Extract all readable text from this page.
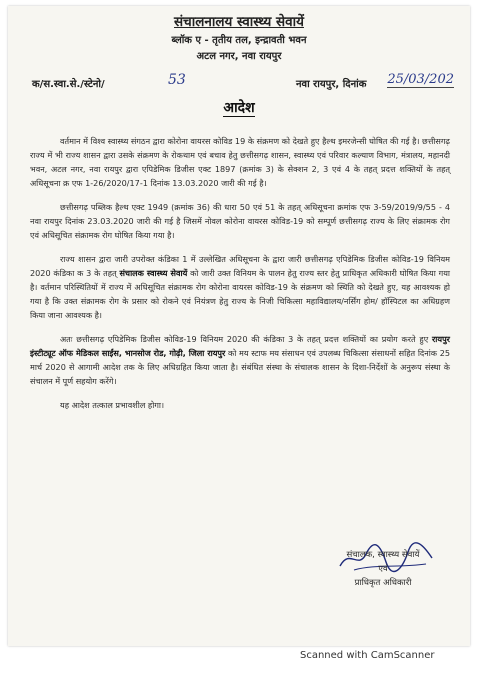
संचालनालय स्वास्थ्य सेवायें
ब्लॉक ए - तृतीय तल, इन्द्रावती भवन
अटल नगर, नवा रायपुर
क/स.स्वा.से./स्टेनो/	53	नवा रायपुर, दिनांक 25/03/202
आदेश

वर्तमान में विश्व स्वास्थ्य संगठन द्वारा कोरोना वायरस कोविड 19 के संक्रमण को देखते हुए हैल्थ इमरजेन्सी घोषित की गई है। छत्तीसगढ़ राज्य में भी राज्य शासन द्वारा उसके संक्रमण के रोकथाम एवं बचाव हेतु छत्तीसगढ़ शासन, स्वास्थ्य एवं परिवार कल्याण विभाग, मंत्रालय, महानदी भवन, अटल नगर, नवा रायपुर द्वारा एपिडेमिक डिजीस एक्ट 1897 (क्रमांक 3) के सेक्शन 2, 3 एवं 4 के तहत् प्रदत्त शक्तियों के तहत् अधिसूचना क्र एफ 1-26/2020/17-1 दिनांक 13.03.2020 जारी की गई है।

छत्तीसगढ़ पब्लिक हैल्थ एक्ट 1949 (क्रमांक 36) की धारा 50 एवं 51 के तहत् अधिसूचना क्रमांक एफ 3-59/2019/9/55 - 4 नवा रायपुर दिनांक 23.03.2020 जारी की गई है जिसमें नोवल कोरोना वायरस कोविड-19 को सम्पूर्ण छत्तीसगढ़ राज्य के लिए संक्रामक रोग एवं अधिसूचित संक्रामक रोग घोषित किया गया है।

राज्य शासन द्वारा जारी उपरोक्त कंडिका 1 में उल्लेखित अधिसूचना के द्वारा जारी छत्तीसगढ़ एपिडेमिक डिजीस कोविड-19 विनियम 2020 कंडिका क 3 के तहत् संचालक स्वास्थ्य सेवायें को जारी उक्त विनियम के पालन हेतु राज्य स्तर हेतु प्राधिकृत अधिकारी घोषित किया गया है। वर्तमान परिस्थितियों में राज्य में अधिसूचित संक्रामक रोग कोरोना वायरस कोविड-19 के संक्रमण को स्थिति को देखते हुए, यह आवश्यक हो गया है कि उक्त संक्रामक रोग के प्रसार को रोकने एवं नियंत्रण हेतु राज्य के निजी चिकित्सा महाविद्यालय/नर्सिंग होम/ हॉस्पिटल का अधिग्रहण किया जाना आवश्यक है।

अतः छत्तीसगढ़ एपिडेमिक डिजीस कोविड-19 विनियम 2020 की कंडिका 3 के तहत् प्रदत्त शक्तियों का प्रयोग करते हुए रायपुर इंस्टीट्यूट ऑफ मेडिकल साईंस, भानसोज रोड, गोढ़ी, जिला रायपुर को मय स्टाफ मय संसाधन एवं उपलब्ध चिकित्सा संसाधनों सहित दिनांक 25 मार्च 2020 से आगामी आदेश तक के लिए अधिग्रहित किया जाता है। संबंधित संस्था के संचालक शासन के दिशा-निर्देशों के अनुरूप संस्था के संचालन में पूर्ण सहयोग करेंगे।

यह आदेश तत्काल प्रभावशील होगा।

संचालक, स्वास्थ्य सेवायें
एवं
प्राधिकृत अधिकारी
Scanned with CamScanner
